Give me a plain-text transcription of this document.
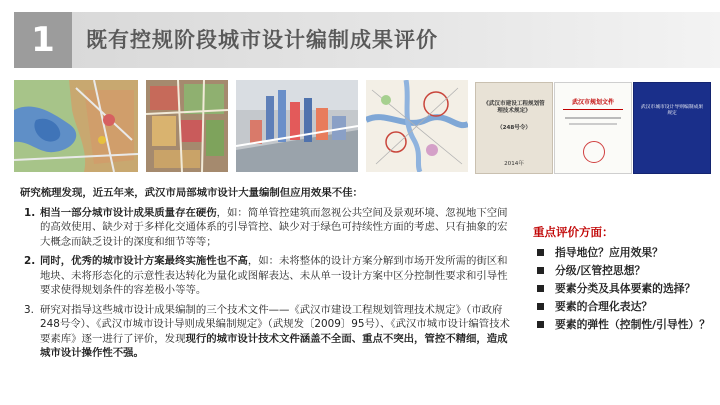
1	既有控规阶段城市设计编制成果评价
《武汉市建设工程规划管理技术规定》
（248号令）
2014年
武汉市规划文件
武汉市城市设计导则编制成果规定
研究梳理发现，近五年来，武汉市局部城市设计大量编制但应用效果不佳：
1. 相当一部分城市设计成果质量存在硬伤，如：简单管控建筑而忽视公共空间及景观环境、忽视地下空间的高效使用、缺少对于多样化交通体系的引导管控、缺少对于绿色可持续性方面的考虑、只有抽象的宏大概念而缺乏设计的深度和细节等等；
2. 同时，优秀的城市设计方案最终实施性也不高，如：未将整体的设计方案分解到市场开发所需的街区和地块、未将形态化的示意性表达转化为量化或图解表达、未从单一设计方案中区分控制性要求和引导性要求使得规划条件的容差极小等等。
3. 研究对指导这些城市设计成果编制的三个技术文件——《武汉市建设工程规划管理技术规定》（市政府248号令）、《武汉市城市设计导则成果编制规定》（武规发〔2009〕95号）、《武汉市城市设计编管技术要素库》逐一进行了评价，发现现行的城市设计技术文件涵盖不全面、重点不突出，管控不精细，造成城市设计操作性不强。
重点评价方面：
指导地位？应用效果？
分级/区管控思想？
要素分类及具体要素的选择？
要素的合理化表达？
要素的弹性（控制性/引导性）？
